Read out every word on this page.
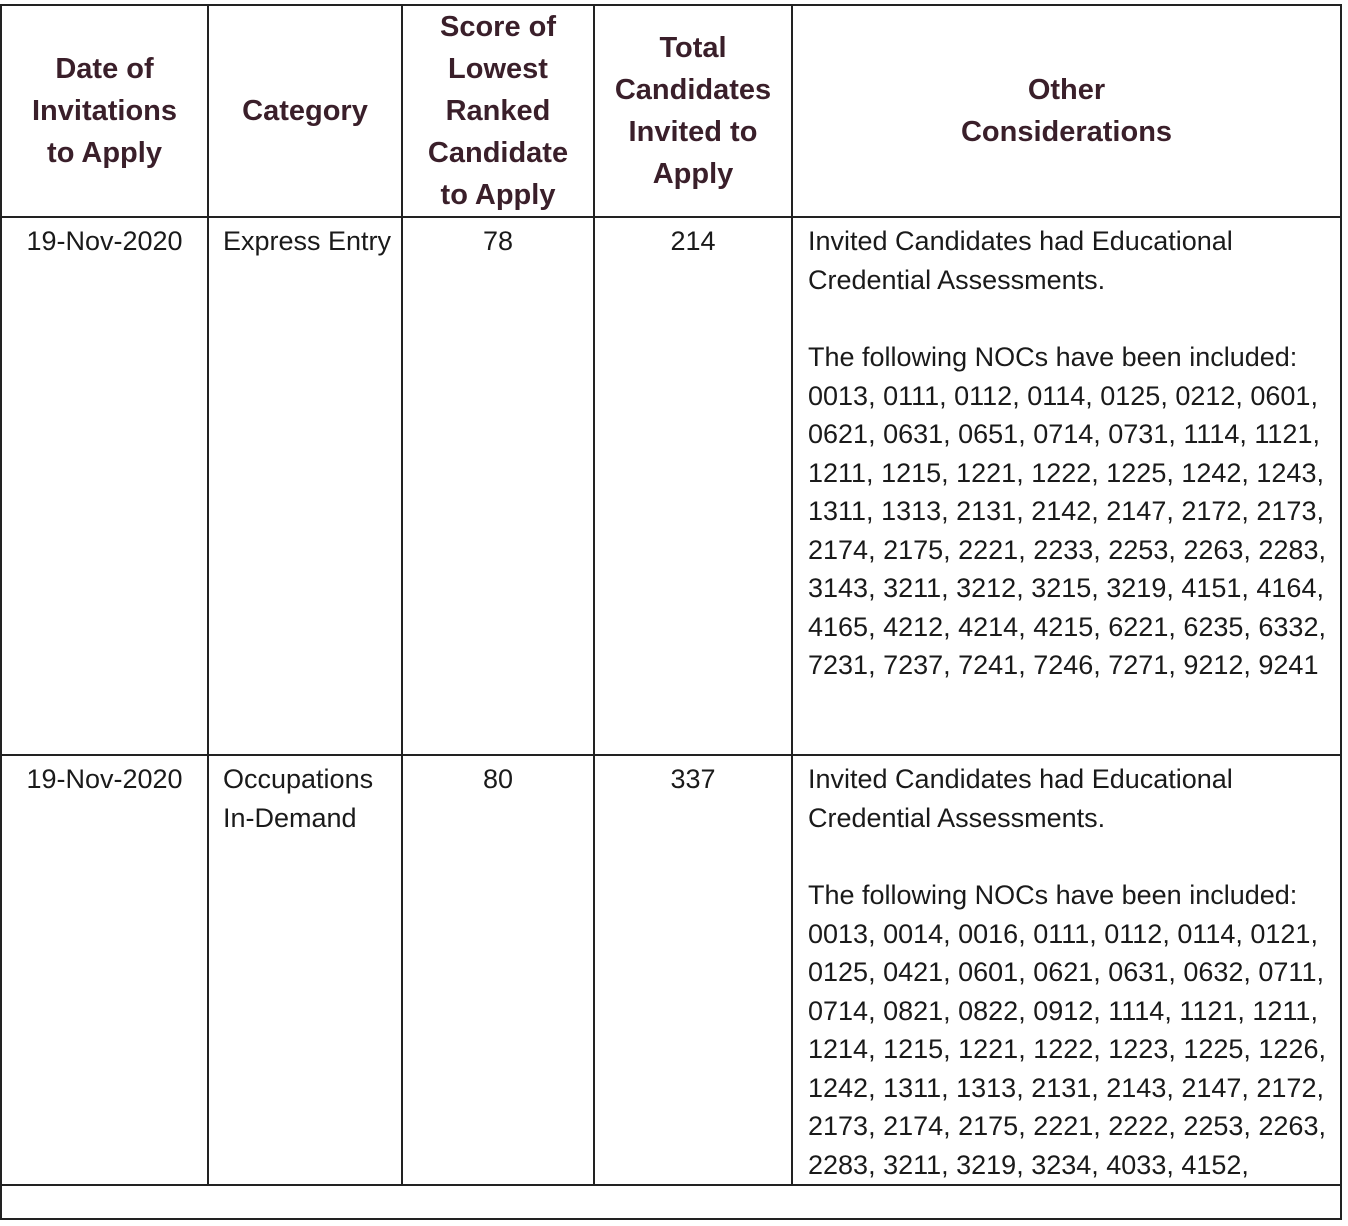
Date of
Invitations
to Apply	Category	Score of
Lowest
Ranked
Candidate
to Apply	Total
Candidates
Invited to
Apply	Other
Considerations

19-Nov-2020	Express Entry	78	214	Invited Candidates had Educational Credential Assessments.
The following NOCs have been included:
0013, 0111, 0112, 0114, 0125, 0212, 0601, 0621, 0631, 0651, 0714, 0731, 1114, 1121, 1211, 1215, 1221, 1222, 1225, 1242, 1243, 1311, 1313, 2131, 2142, 2147, 2172, 2173, 2174, 2175, 2221, 2233, 2253, 2263, 2283, 3143, 3211, 3212, 3215, 3219, 4151, 4164, 4165, 4212, 4214, 4215, 6221, 6235, 6332, 7231, 7237, 7241, 7246, 7271, 9212, 9241

19-Nov-2020	Occupations In-Demand	80	337	Invited Candidates had Educational Credential Assessments.
The following NOCs have been included:
0013, 0014, 0016, 0111, 0112, 0114, 0121, 0125, 0421, 0601, 0621, 0631, 0632, 0711, 0714, 0821, 0822, 0912, 1114, 1121, 1211, 1214, 1215, 1221, 1222, 1223, 1225, 1226, 1242, 1311, 1313, 2131, 2143, 2147, 2172, 2173, 2174, 2175, 2221, 2222, 2253, 2263, 2283, 3211, 3219, 3234, 4033, 4152,
